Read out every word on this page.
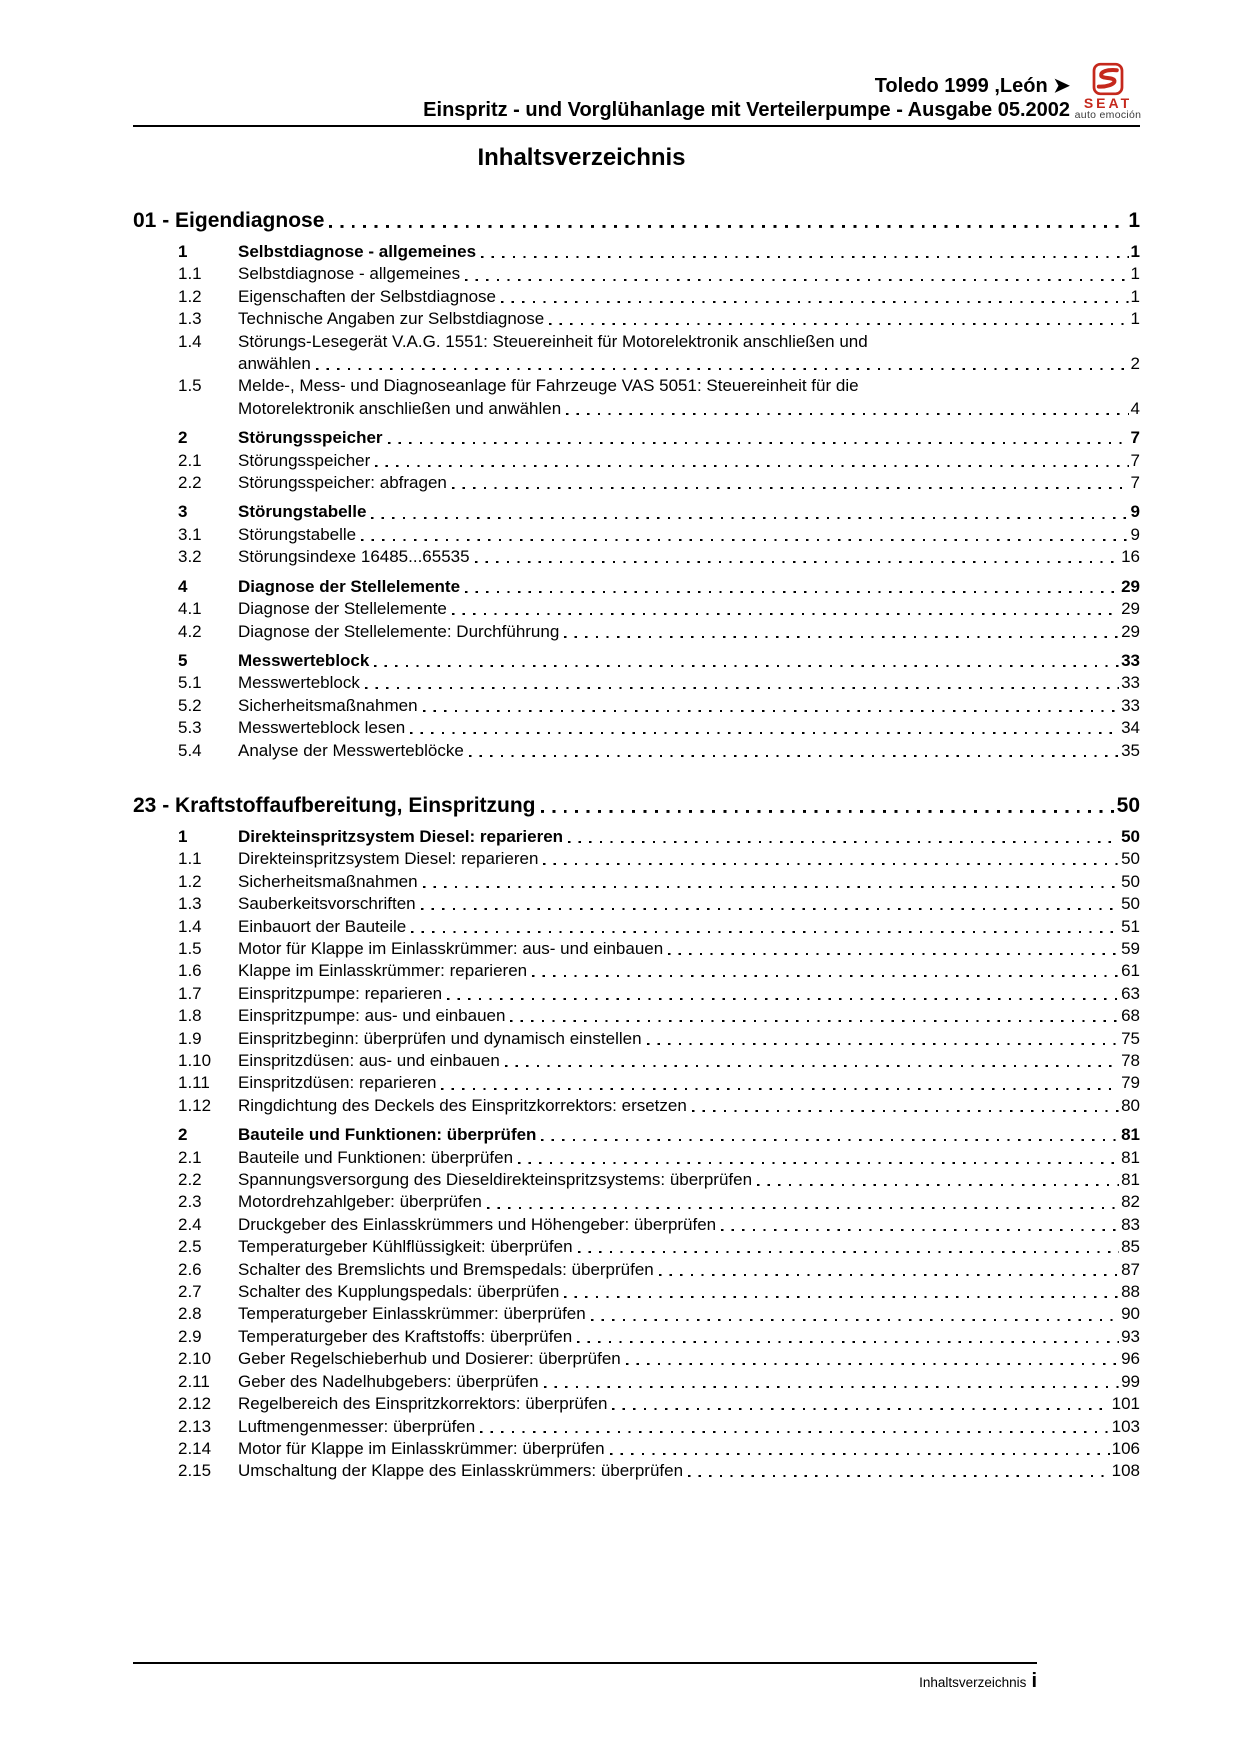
Toledo 1999 ,León ➤
Einspritz - und Vorglühanlage mit Verteilerpumpe - Ausgabe 05.2002 SEAT
auto emoción
Inhaltsverzeichnis
01 - Eigendiagnose	1
1	Selbstdiagnose - allgemeines	1
1.1	Selbstdiagnose - allgemeines	1
1.2	Eigenschaften der Selbstdiagnose	1
1.3	Technische Angaben zur Selbstdiagnose	1
1.4	Störungs-Lesegerät V.A.G. 1551: Steuereinheit für Motorelektronik anschließen und
anwählen	2
1.5	Melde-, Mess- und Diagnoseanlage für Fahrzeuge VAS 5051: Steuereinheit für die
Motorelektronik anschließen und anwählen	4
2	Störungsspeicher	7
2.1	Störungsspeicher	7
2.2	Störungsspeicher: abfragen	7
3	Störungstabelle	9
3.1	Störungstabelle	9
3.2	Störungsindexe 16485...65535	16
4	Diagnose der Stellelemente	29
4.1	Diagnose der Stellelemente	29
4.2	Diagnose der Stellelemente: Durchführung	29
5	Messwerteblock	33
5.1	Messwerteblock	33
5.2	Sicherheitsmaßnahmen	33
5.3	Messwerteblock lesen	34
5.4	Analyse der Messwerteblöcke	35
23 - Kraftstoffaufbereitung, Einspritzung	50
1	Direkteinspritzsystem Diesel: reparieren	50
1.1	Direkteinspritzsystem Diesel: reparieren	50
1.2	Sicherheitsmaßnahmen	50
1.3	Sauberkeitsvorschriften	50
1.4	Einbauort der Bauteile	51
1.5	Motor für Klappe im Einlasskrümmer: aus- und einbauen	59
1.6	Klappe im Einlasskrümmer: reparieren	61
1.7	Einspritzpumpe: reparieren	63
1.8	Einspritzpumpe: aus- und einbauen	68
1.9	Einspritzbeginn: überprüfen und dynamisch einstellen	75
1.10	Einspritzdüsen: aus- und einbauen	78
1.11	Einspritzdüsen: reparieren	79
1.12	Ringdichtung des Deckels des Einspritzkorrektors: ersetzen	80
2	Bauteile und Funktionen: überprüfen	81
2.1	Bauteile und Funktionen: überprüfen	81
2.2	Spannungsversorgung des Dieseldirekteinspritzsystems: überprüfen	81
2.3	Motordrehzahlgeber: überprüfen	82
2.4	Druckgeber des Einlasskrümmers und Höhengeber: überprüfen	83
2.5	Temperaturgeber Kühlflüssigkeit: überprüfen	85
2.6	Schalter des Bremslichts und Bremspedals: überprüfen	87
2.7	Schalter des Kupplungspedals: überprüfen	88
2.8	Temperaturgeber Einlasskrümmer: überprüfen	90
2.9	Temperaturgeber des Kraftstoffs: überprüfen	93
2.10	Geber Regelschieberhub und Dosierer: überprüfen	96
2.11	Geber des Nadelhubgebers: überprüfen	99
2.12	Regelbereich des Einspritzkorrektors: überprüfen	101
2.13	Luftmengenmesser: überprüfen	103
2.14	Motor für Klappe im Einlasskrümmer: überprüfen	106
2.15	Umschaltung der Klappe des Einlasskrümmers: überprüfen	108
Inhaltsverzeichnis i
